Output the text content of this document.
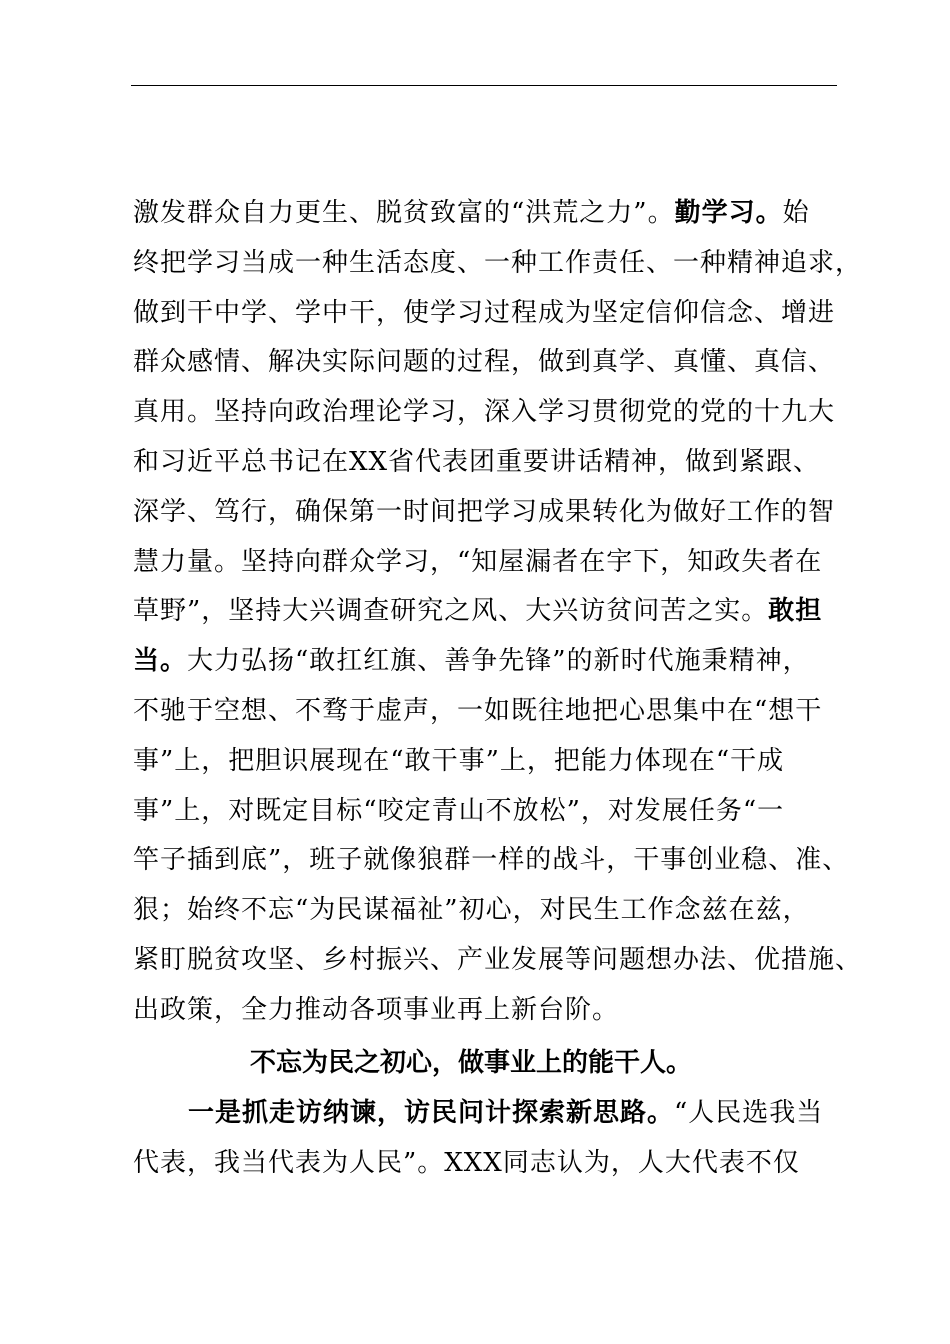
激发群众自力更生、脱贫致富的“洪荒之力”。勤学习。始
终把学习当成一种生活态度、一种工作责任、一种精神追求，
做到干中学、学中干，使学习过程成为坚定信仰信念、增进
群众感情、解决实际问题的过程，做到真学、真懂、真信、
真用。坚持向政治理论学习，深入学习贯彻党的党的十九大
和习近平总书记在XX省代表团重要讲话精神，做到紧跟、
深学、笃行，确保第一时间把学习成果转化为做好工作的智
慧力量。坚持向群众学习，“知屋漏者在宇下，知政失者在
草野”，坚持大兴调查研究之风、大兴访贫问苦之实。敢担
当。大力弘扬“敢扛红旗、善争先锋”的新时代施秉精神，
不驰于空想、不骛于虚声，一如既往地把心思集中在“想干
事”上，把胆识展现在“敢干事”上，把能力体现在“干成
事”上，对既定目标“咬定青山不放松”，对发展任务“一
竿子插到底”，班子就像狼群一样的战斗，干事创业稳、准、
狠；始终不忘“为民谋福祉”初心，对民生工作念兹在兹，
紧盯脱贫攻坚、乡村振兴、产业发展等问题想办法、优措施、
出政策，全力推动各项事业再上新台阶。
不忘为民之初心，做事业上的能干人。
一是抓走访纳谏，访民问计探索新思路。“人民选我当
代表，我当代表为人民”。XXX同志认为，人大代表不仅
